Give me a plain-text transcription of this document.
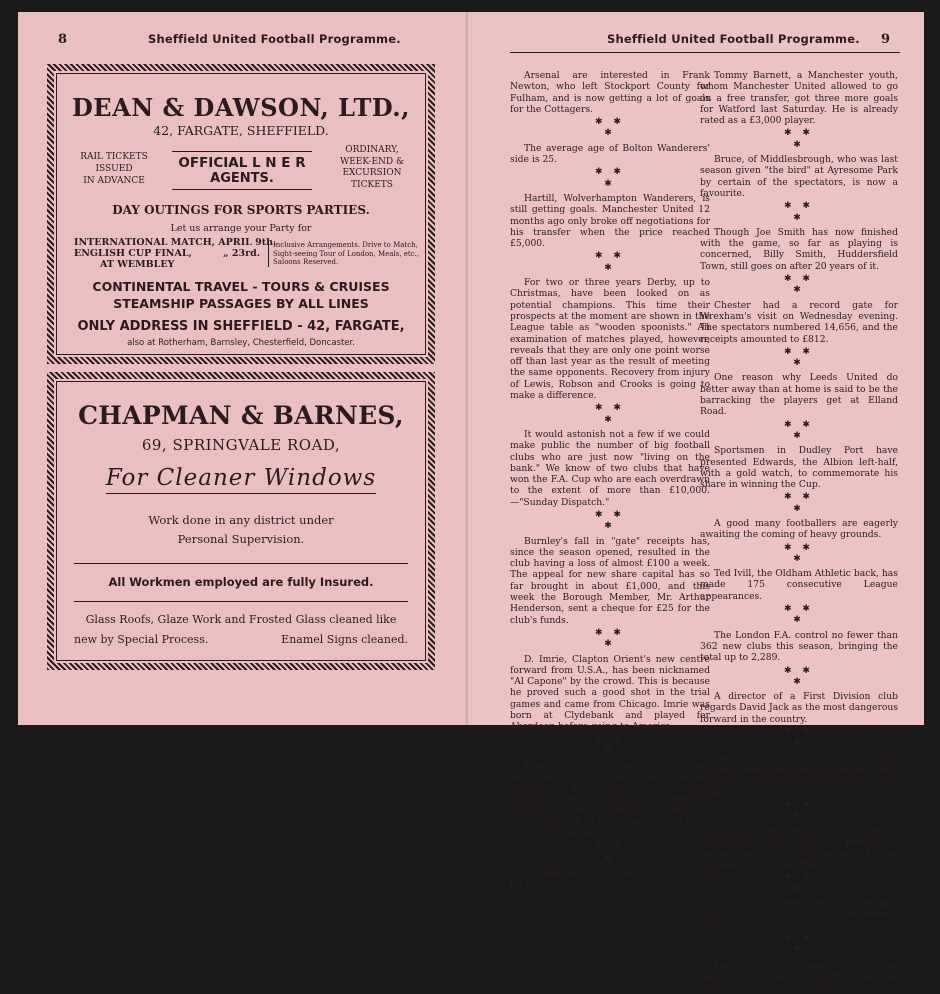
8	Sheffield United Football Programme.
DEAN & DAWSON, LTD.,
42, FARGATE, SHEFFIELD.
RAIL TICKETS
ISSUED
IN ADVANCE
OFFICIAL L N E R
AGENTS.
ORDINARY,
WEEK-END &
EXCURSION
TICKETS
DAY OUTINGS FOR SPORTS PARTIES.
Let us arrange your Party for
INTERNATIONAL MATCH, APRIL 9th.
ENGLISH CUP FINAL,	„ 23rd.
AT WEMBLEY
Inclusive Arrangements. Drive to Match,
Sight-seeing Tour of London, Meals, etc.,
Saloons Reserved.
CONTINENTAL TRAVEL - TOURS & CRUISES
STEAMSHIP PASSAGES BY ALL LINES
ONLY ADDRESS IN SHEFFIELD - 42, FARGATE,
also at Rotherham, Barnsley, Chesterfield, Doncaster.
CHAPMAN & BARNES,
69, SPRINGVALE ROAD,
For Cleaner Windows
Work done in any district under
Personal Supervision.
All Workmen employed are fully Insured.
Glass Roofs, Glaze Work and Frosted Glass cleaned like
new by Special Process.	Enamel Signs cleaned.
Sheffield United Football Programme. 9

Arsenal are interested in Frank Newton, who left Stockport County for Fulham, and is now getting a lot of goals for the Cottagers.

✱ ✱
✱

The average age of Bolton Wanderers' side is 25.

✱ ✱
✱

Hartill, Wolverhampton Wanderers, is still getting goals. Manchester United 12 months ago only broke off negotiations for his transfer when the price reached £5,000.

✱ ✱
✱

For two or three years Derby, up to Christmas, have been looked on as potential champions. This time their prospects at the moment are shown in the League table as "wooden spoonists." An examination of matches played, however, reveals that they are only one point worse off than last year as the result of meeting the same opponents. Recovery from injury of Lewis, Robson and Crooks is going to make a difference.

✱ ✱
✱

It would astonish not a few if we could make public the number of big football clubs who are just now "living on the bank." We know of two clubs that have won the F.A. Cup who are each overdrawn to the extent of more than £10,000.—"Sunday Dispatch."

✱ ✱
✱

Burnley's fall in "gate" receipts has, since the season opened, resulted in the club having a loss of almost £100 a week. The appeal for new share capital has so far brought in about £1,000, and this week the Borough Member, Mr. Arthur Henderson, sent a cheque for £25 for the club's funds.

✱ ✱
✱

D. Imrie, Clapton Orient's new centre forward from U.S.A., has been nicknamed "Al Capone" by the crowd. This is because he proved such a good shot in the trial games and came from Chicago. Imrie was born at Clydebank and played for Aberdeen before going to America.

✱ ✱
✱

Transfer fees have been in existence since the early nineties. James Crabtree (Burnley to Aston) was one of the most notable moves in that era. Common's transfer from Sheffield United to Middlesbrough in 1905 was the first "four figure" transaction.

✱ ✱
✱

Goalkeepers do not always get credit for anticipation.

Tommy Barnett, a Manchester youth, whom Manchester United allowed to go on a free transfer, got three more goals for Watford last Saturday. He is already rated as a £3,000 player.

✱ ✱
✱

Bruce, of Middlesbrough, who was last season given "the bird" at Ayresome Park by certain of the spectators, is now a favourite.

✱ ✱
✱

Though Joe Smith has now finished with the game, so far as playing is concerned, Billy Smith, Huddersfield Town, still goes on after 20 years of it.

✱ ✱
✱

Chester had a record gate for Wrexham's visit on Wednesday evening. The spectators numbered 14,656, and the receipts amounted to £812.

✱ ✱
✱

One reason why Leeds United do better away than at home is said to be the barracking the players get at Elland Road.

✱ ✱
✱

Sportsmen in Dudley Port have presented Edwards, the Albion left-half, with a gold watch, to commemorate his share in winning the Cup.

✱ ✱
✱

A good many footballers are eagerly awaiting the coming of heavy grounds.

✱ ✱
✱

Ted Ivill, the Oldham Athletic back, has made 175 consecutive League appearances.

✱ ✱
✱

The London F.A. control no fewer than 362 new clubs this season, bringing the total up to 2,289.

✱ ✱
✱

A director of a First Division club regards David Jack as the most dangerous forward in the country.

✱ ✱
✱

Leeds United have been asking Huddersfield Town about Joe Robson's transfer possibilities. There may be a deal here.

✱ ✱
✱

Arsenal supporters still cannot understand how Highbury proved so uncongenial to Dave Halliday after he was attracted from Roker Park.

✱ ✱
✱

Not for five years before a fortnight ago had the Albion had a player ordered off.

✱ ✱
✱

Lambert, the Arsenal centre, has improved beyond recognition in the constructive side of his play.
